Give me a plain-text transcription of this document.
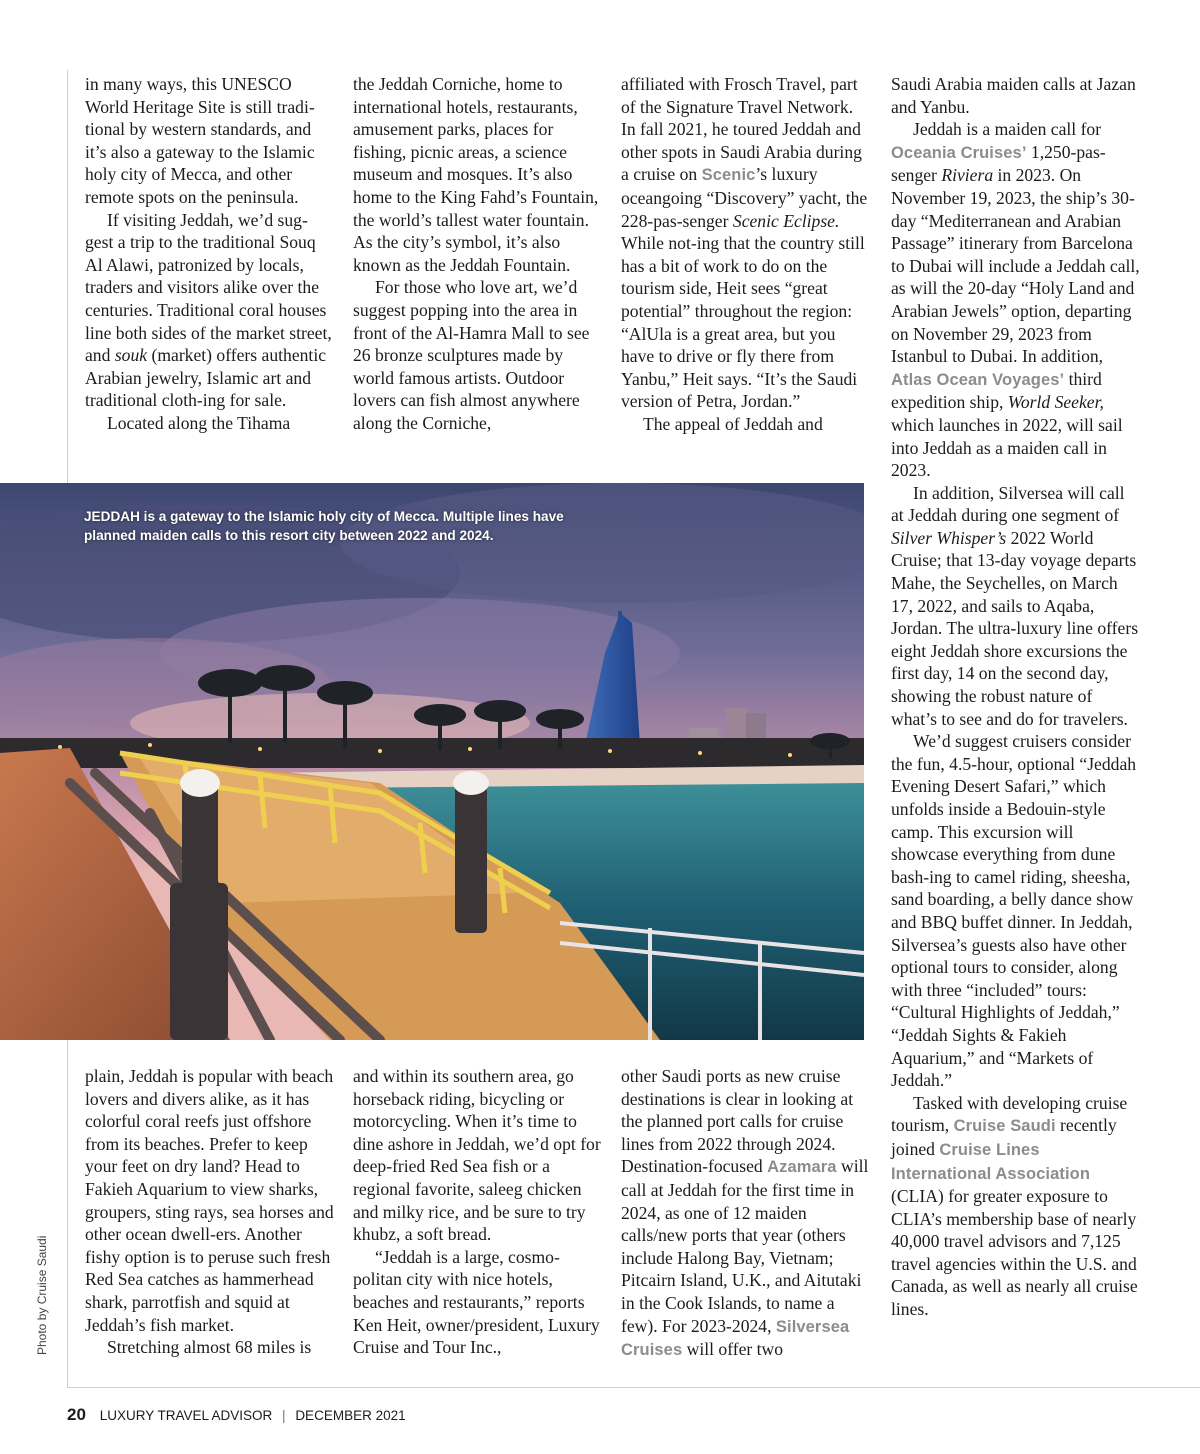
in many ways, this UNESCO World Heritage Site is still tradi-tional by western standards, and it’s also a gateway to the Islamic holy city of Mecca, and other remote spots on the peninsula.

If visiting Jeddah, we’d sug-gest a trip to the traditional Souq Al Alawi, patronized by locals, traders and visitors alike over the centuries. Traditional coral houses line both sides of the market street, and souk (market) offers authentic Arabian jewelry, Islamic art and traditional cloth-ing for sale.

Located along the Tihama

the Jeddah Corniche, home to international hotels, restaurants, amusement parks, places for fishing, picnic areas, a science museum and mosques. It’s also home to the King Fahd’s Fountain, the world’s tallest water fountain. As the city’s symbol, it’s also known as the Jeddah Fountain.

For those who love art, we’d suggest popping into the area in front of the Al-Hamra Mall to see 26 bronze sculptures made by world famous artists. Outdoor lovers can fish almost anywhere along the Corniche,

affiliated with Frosch Travel, part of the Signature Travel Network. In fall 2021, he toured Jeddah and other spots in Saudi Arabia during a cruise on Scenic’s luxury oceangoing “Discovery” yacht, the 228-pas-senger Scenic Eclipse. While not-ing that the country still has a bit of work to do on the tourism side, Heit sees “great potential” throughout the region: “AlUla is a great area, but you have to drive or fly there from Yanbu,” Heit says. “It’s the Saudi version of Petra, Jordan.”

The appeal of Jeddah and

Saudi Arabia maiden calls at Jazan and Yanbu.

Jeddah is a maiden call for Oceania Cruises’ 1,250-pas-senger Riviera in 2023. On November 19, 2023, the ship’s 30-day “Mediterranean and Arabian Passage” itinerary from Barcelona to Dubai will include a Jeddah call, as will the 20-day “Holy Land and Arabian Jewels” option, departing on November 29, 2023 from Istanbul to Dubai. In addition, Atlas Ocean Voyages’ third expedition ship, World Seeker, which launches in 2022, will sail into Jeddah as a maiden call in 2023.

In addition, Silversea will call at Jeddah during one segment of Silver Whisper’s 2022 World Cruise; that 13-day voyage departs Mahe, the Seychelles, on March 17, 2022, and sails to Aqaba, Jordan. The ultra-luxury line offers eight Jeddah shore excursions the first day, 14 on the second day, showing the robust nature of what’s to see and do for travelers.

We’d suggest cruisers consider the fun, 4.5-hour, optional “Jeddah Evening Desert Safari,” which unfolds inside a Bedouin-style camp. This excursion will showcase everything from dune bash-ing to camel riding, sheesha, sand boarding, a belly dance show and BBQ buffet dinner. In Jeddah, Silversea’s guests also have other optional tours to consider, along with three “included” tours: “Cultural Highlights of Jeddah,” “Jeddah Sights & Fakieh Aquarium,” and “Markets of Jeddah.”

Tasked with developing cruise tourism, Cruise Saudi recently joined Cruise Lines International Association (CLIA) for greater exposure to CLIA’s membership base of nearly 40,000 travel advisors and 7,125 travel agencies within the U.S. and Canada, as well as nearly all cruise lines.

JEDDAH is a gateway to the Islamic holy city of Mecca. Multiple lines have planned maiden calls to this resort city between 2022 and 2024.

plain, Jeddah is popular with beach lovers and divers alike, as it has colorful coral reefs just offshore from its beaches. Prefer to keep your feet on dry land? Head to Fakieh Aquarium to view sharks, groupers, sting rays, sea horses and other ocean dwell-ers. Another fishy option is to peruse such fresh Red Sea catches as hammerhead shark, parrotfish and squid at Jeddah’s fish market.

Stretching almost 68 miles is

and within its southern area, go horseback riding, bicycling or motorcycling. When it’s time to dine ashore in Jeddah, we’d opt for deep-fried Red Sea fish or a regional favorite, saleeg chicken and milky rice, and be sure to try khubz, a soft bread.

“Jeddah is a large, cosmo-politan city with nice hotels, beaches and restaurants,” reports Ken Heit, owner/president, Luxury Cruise and Tour Inc.,

other Saudi ports as new cruise destinations is clear in looking at the planned port calls for cruise lines from 2022 through 2024. Destination-focused Azamara will call at Jeddah for the first time in 2024, as one of 12 maiden calls/new ports that year (others include Halong Bay, Vietnam; Pitcairn Island, U.K., and Aitutaki in the Cook Islands, to name a few). For 2023-2024, Silversea Cruises will offer two

Photo by Cruise Saudi
20 LUXURY TRAVEL ADVISOR | DECEMBER 2021
